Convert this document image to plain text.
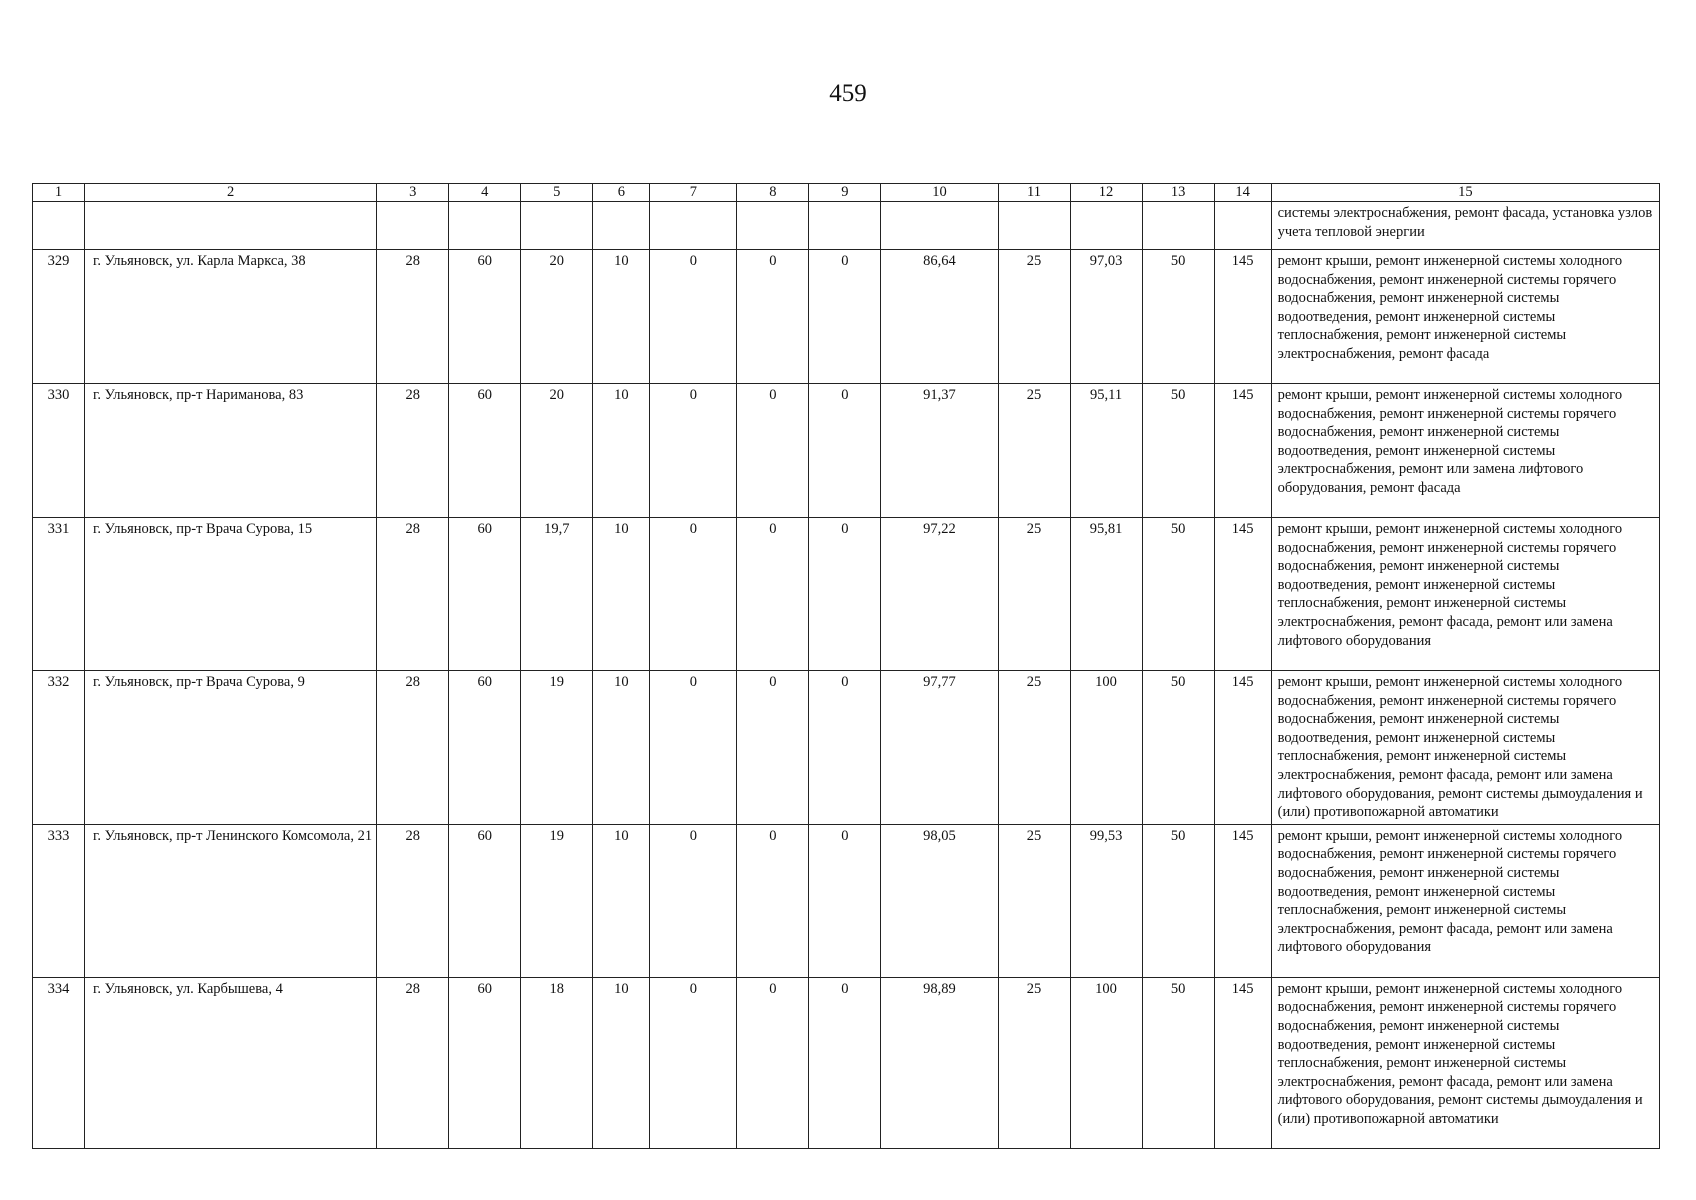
459
1	2	3	4	5	6	7	8	9	10	11	12	13	14	15
														системы электроснабжения, ремонт фасада, установка узлов учета тепловой энергии
329	г. Ульяновск, ул. Карла Маркса, 38	28	60	20	10	0	0	0	86,64	25	97,03	50	145	ремонт крыши, ремонт инженерной системы холодного водоснабжения, ремонт инженерной системы горячего водоснабжения, ремонт инженерной системы водоотведения, ремонт инженерной системы теплоснабжения, ремонт инженерной системы электроснабжения, ремонт фасада
330	г. Ульяновск, пр-т Нариманова, 83	28	60	20	10	0	0	0	91,37	25	95,11	50	145	ремонт крыши, ремонт инженерной системы холодного водоснабжения, ремонт инженерной системы горячего водоснабжения, ремонт инженерной системы водоотведения, ремонт инженерной системы электроснабжения, ремонт или замена лифтового оборудования, ремонт фасада
331	г. Ульяновск, пр-т Врача Сурова, 15	28	60	19,7	10	0	0	0	97,22	25	95,81	50	145	ремонт крыши, ремонт инженерной системы холодного водоснабжения, ремонт инженерной системы горячего водоснабжения, ремонт инженерной системы водоотведения, ремонт инженерной системы теплоснабжения, ремонт инженерной системы электроснабжения, ремонт фасада, ремонт или замена лифтового оборудования
332	г. Ульяновск, пр-т Врача Сурова, 9	28	60	19	10	0	0	0	97,77	25	100	50	145	ремонт крыши, ремонт инженерной системы холодного водоснабжения, ремонт инженерной системы горячего водоснабжения, ремонт инженерной системы водоотведения, ремонт инженерной системы теплоснабжения, ремонт инженерной системы электроснабжения, ремонт фасада, ремонт или замена лифтового оборудования, ремонт системы дымоудаления и (или) противопожарной автоматики
333	г. Ульяновск, пр-т Ленинского Комсомола, 21	28	60	19	10	0	0	0	98,05	25	99,53	50	145	ремонт крыши, ремонт инженерной системы холодного водоснабжения, ремонт инженерной системы горячего водоснабжения, ремонт инженерной системы водоотведения, ремонт инженерной системы теплоснабжения, ремонт инженерной системы электроснабжения, ремонт фасада, ремонт или замена лифтового оборудования
334	г. Ульяновск, ул. Карбышева, 4	28	60	18	10	0	0	0	98,89	25	100	50	145	ремонт крыши, ремонт инженерной системы холодного водоснабжения, ремонт инженерной системы горячего водоснабжения, ремонт инженерной системы водоотведения, ремонт инженерной системы теплоснабжения, ремонт инженерной системы электроснабжения, ремонт фасада, ремонт или замена лифтового оборудования, ремонт системы дымоудаления и (или) противопожарной автоматики
